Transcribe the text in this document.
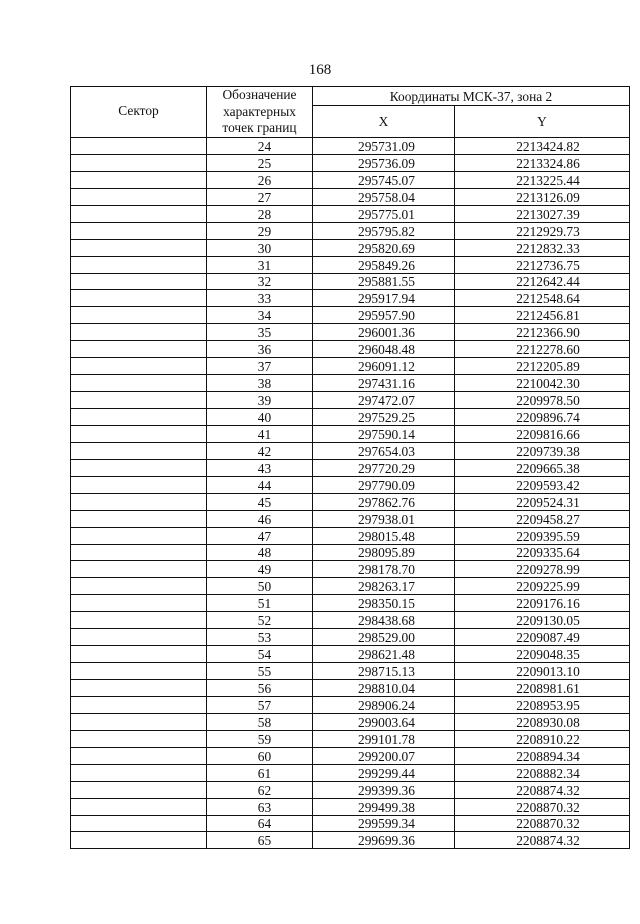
168
Сектор	Обозначение
характерных
точек границ	Координаты МСК-37, зона 2	
		X	Y

	24	295731.09	2213424.82
	25	295736.09	2213324.86
	26	295745.07	2213225.44
	27	295758.04	2213126.09
	28	295775.01	2213027.39
	29	295795.82	2212929.73
	30	295820.69	2212832.33
	31	295849.26	2212736.75
	32	295881.55	2212642.44
	33	295917.94	2212548.64
	34	295957.90	2212456.81
	35	296001.36	2212366.90
	36	296048.48	2212278.60
	37	296091.12	2212205.89
	38	297431.16	2210042.30
	39	297472.07	2209978.50
	40	297529.25	2209896.74
	41	297590.14	2209816.66
	42	297654.03	2209739.38
	43	297720.29	2209665.38
	44	297790.09	2209593.42
	45	297862.76	2209524.31
	46	297938.01	2209458.27
	47	298015.48	2209395.59
	48	298095.89	2209335.64
	49	298178.70	2209278.99
	50	298263.17	2209225.99
	51	298350.15	2209176.16
	52	298438.68	2209130.05
	53	298529.00	2209087.49
	54	298621.48	2209048.35
	55	298715.13	2209013.10
	56	298810.04	2208981.61
	57	298906.24	2208953.95
	58	299003.64	2208930.08
	59	299101.78	2208910.22
	60	299200.07	2208894.34
	61	299299.44	2208882.34
	62	299399.36	2208874.32
	63	299499.38	2208870.32
	64	299599.34	2208870.32
	65	299699.36	2208874.32
